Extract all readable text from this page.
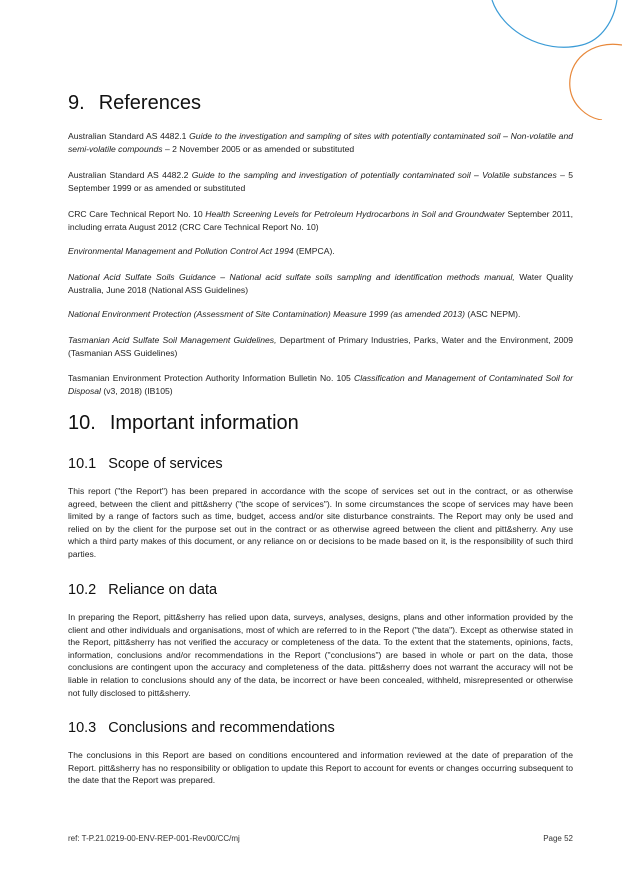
9. References

Australian Standard AS 4482.1 Guide to the investigation and sampling of sites with potentially contaminated soil – Non-volatile and semi-volatile compounds – 2 November 2005 or as amended or substituted

Australian Standard AS 4482.2 Guide to the sampling and investigation of potentially contaminated soil – Volatile substances – 5 September 1999 or as amended or substituted

CRC Care Technical Report No. 10 Health Screening Levels for Petroleum Hydrocarbons in Soil and Groundwater September 2011, including errata August 2012 (CRC Care Technical Report No. 10)

Environmental Management and Pollution Control Act 1994 (EMPCA).

National Acid Sulfate Soils Guidance – National acid sulfate soils sampling and identification methods manual, Water Quality Australia, June 2018 (National ASS Guidelines)

National Environment Protection (Assessment of Site Contamination) Measure 1999 (as amended 2013) (ASC NEPM).

Tasmanian Acid Sulfate Soil Management Guidelines, Department of Primary Industries, Parks, Water and the Environment, 2009 (Tasmanian ASS Guidelines)

Tasmanian Environment Protection Authority Information Bulletin No. 105 Classification and Management of Contaminated Soil for Disposal (v3, 2018) (IB105)

10. Important information
10.1 Scope of services

This report ("the Report") has been prepared in accordance with the scope of services set out in the contract, or as otherwise agreed, between the client and pitt&sherry ("the scope of services"). In some circumstances the scope of services may have been limited by a range of factors such as time, budget, access and/or site disturbance constraints. The Report may only be used and relied on by the client for the purpose set out in the contract or as otherwise agreed between the client and pitt&sherry. Any use which a third party makes of this document, or any reliance on or decisions to be made based on it, is the responsibility of such third parties.

10.2 Reliance on data

In preparing the Report, pitt&sherry has relied upon data, surveys, analyses, designs, plans and other information provided by the client and other individuals and organisations, most of which are referred to in the Report ("the data"). Except as otherwise stated in the Report, pitt&sherry has not verified the accuracy or completeness of the data. To the extent that the statements, opinions, facts, information, conclusions and/or recommendations in the Report ("conclusions") are based in whole or part on the data, those conclusions are contingent upon the accuracy and completeness of the data. pitt&sherry does not warrant the accuracy will not be liable in relation to conclusions should any of the data, be incorrect or have been concealed, withheld, misrepresented or otherwise not fully disclosed to pitt&sherry.

10.3 Conclusions and recommendations

The conclusions in this Report are based on conditions encountered and information reviewed at the date of preparation of the Report. pitt&sherry has no responsibility or obligation to update this Report to account for events or changes occurring subsequent to the date that the Report was prepared.

ref: T-P.21.0219-00-ENV-REP-001-Rev00/CC/mj	Page 52
